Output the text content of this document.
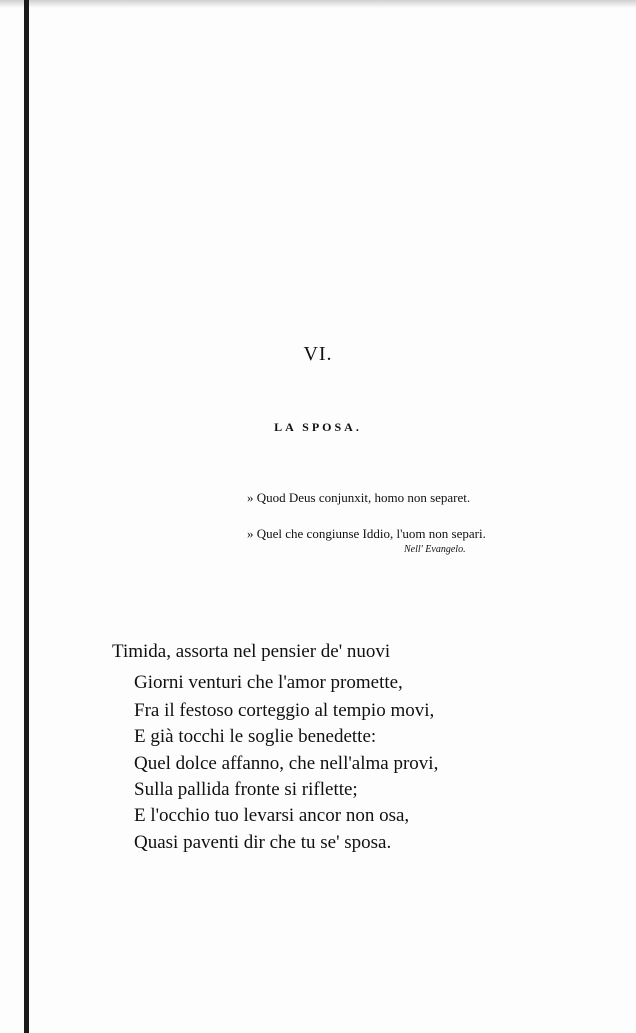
VI.
LA SPOSA.
» Quod Deus conjunxit, homo non separet.
» Quel che congiunse Iddio, l'uom non separi.
Nell' Evangelo.
Timida, assorta nel pensier de' nuovi
Giorni venturi che l'amor promette,
Fra il festoso corteggio al tempio movi,
E già tocchi le soglie benedette:
Quel dolce affanno, che nell'alma provi,
Sulla pallida fronte si riflette;
E l'occhio tuo levarsi ancor non osa,
Quasi paventi dir che tu se' sposa.
